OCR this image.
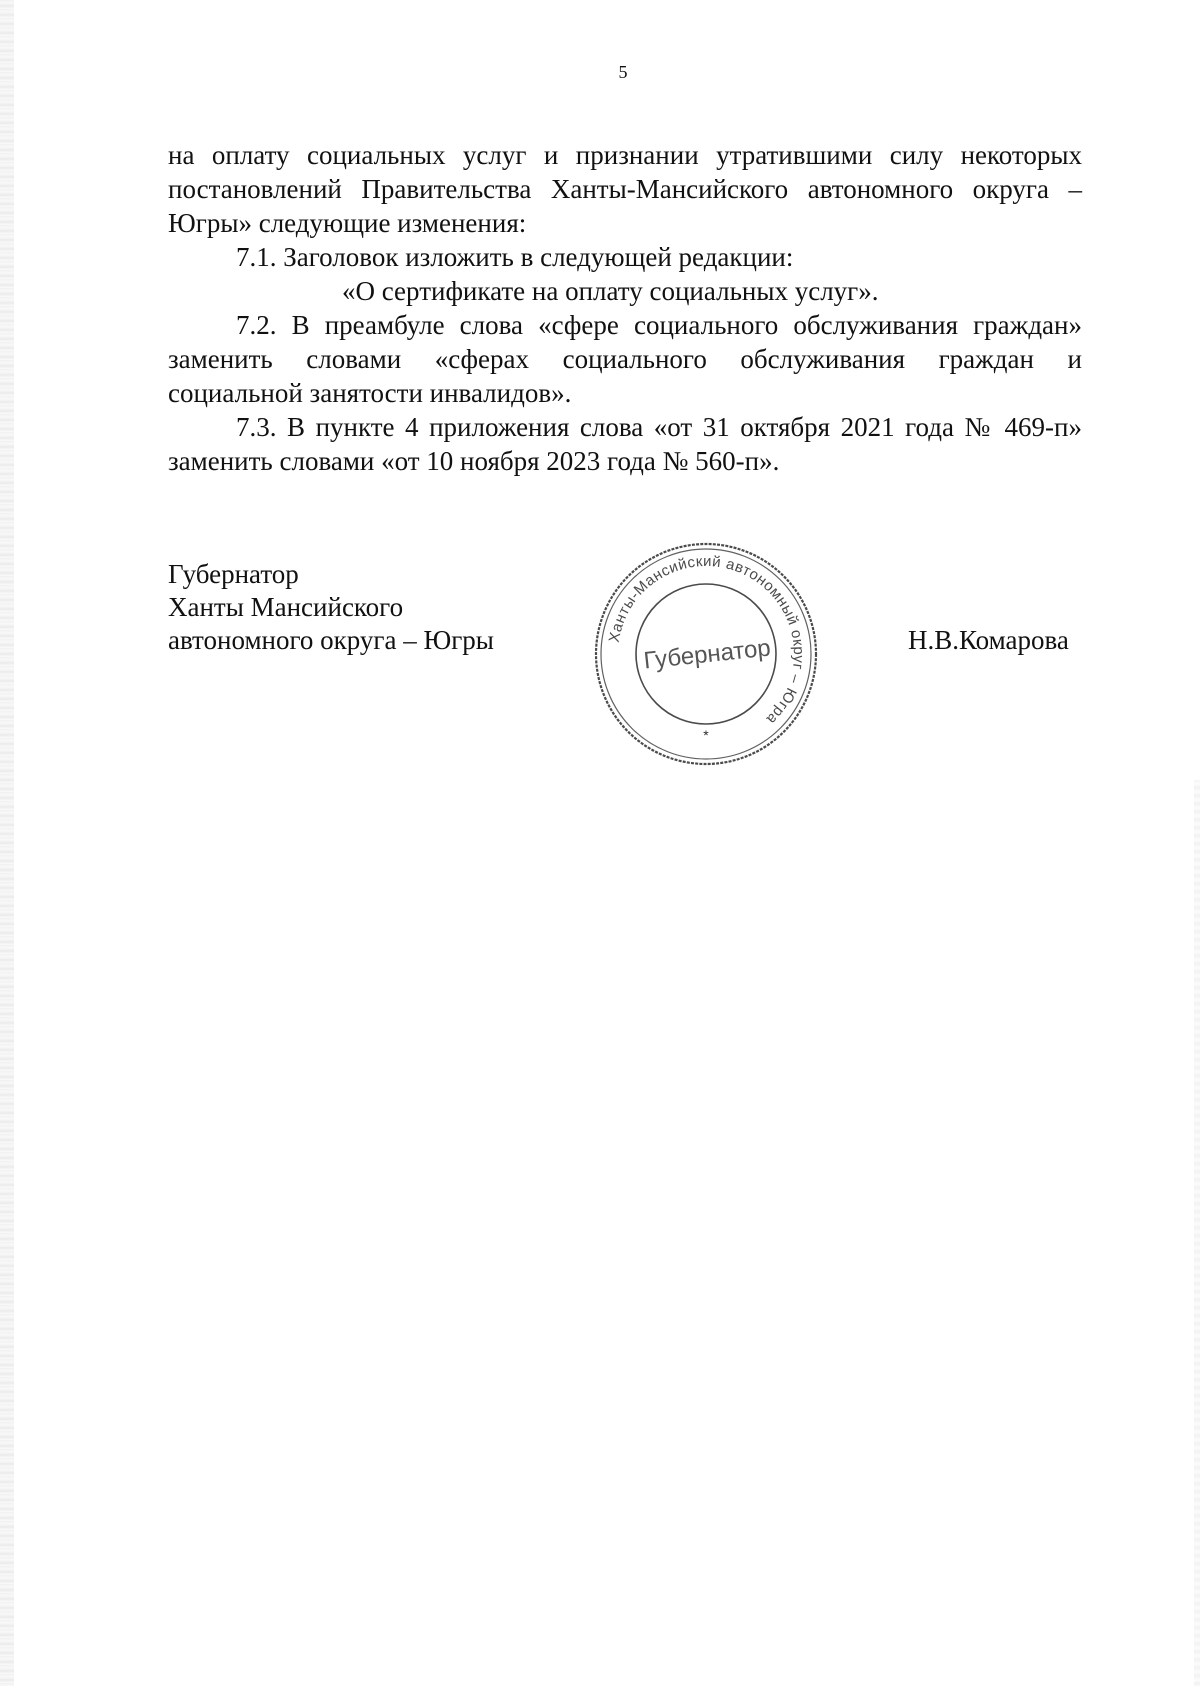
5
на оплату социальных услуг и признании утратившими силу некоторых
постановлений Правительства Ханты-Мансийского автономного округа –
Югры» следующие изменения:
7.1. Заголовок изложить в следующей редакции:
«О сертификате на оплату социальных услуг».
7.2. В преамбуле слова «сфере социального обслуживания граждан»
заменить словами «сферах социального обслуживания граждан и
социальной занятости инвалидов».
7.3. В пункте 4 приложения слова «от 31 октября 2021 года № 469-п»
заменить словами «от 10 ноября 2023 года № 560-п».
Губернатор
Ханты Мансийского
автономного округа – Югры	Н.В.Комарова
Ханты-Мансийский автономный округ – Югра
Губернатор
*
